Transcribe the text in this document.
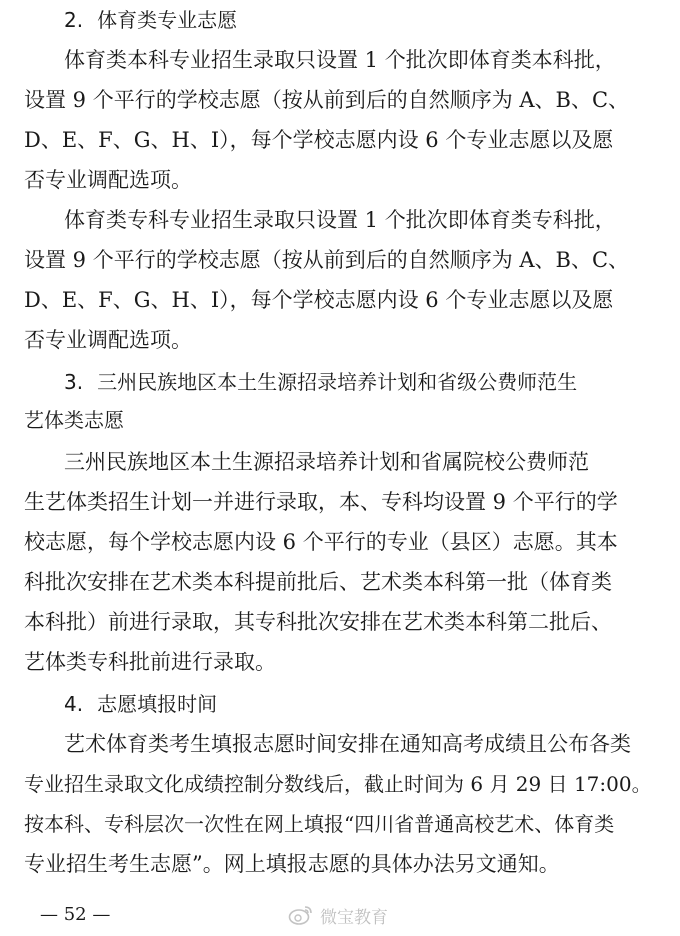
2. 体育类专业志愿
体育类本科专业招生录取只设置 1 个批次即体育类本科批，
设置 9 个平行的学校志愿（按从前到后的自然顺序为 A、B、C、
D、E、F、G、H、I），每个学校志愿内设 6 个专业志愿以及愿
否专业调配选项。
体育类专科专业招生录取只设置 1 个批次即体育类专科批，
设置 9 个平行的学校志愿（按从前到后的自然顺序为 A、B、C、
D、E、F、G、H、I），每个学校志愿内设 6 个专业志愿以及愿
否专业调配选项。
3. 三州民族地区本土生源招录培养计划和省级公费师范生
艺体类志愿
三州民族地区本土生源招录培养计划和省属院校公费师范
生艺体类招生计划一并进行录取，本、专科均设置 9 个平行的学
校志愿，每个学校志愿内设 6 个平行的专业（县区）志愿。其本
科批次安排在艺术类本科提前批后、艺术类本科第一批（体育类
本科批）前进行录取，其专科批次安排在艺术类本科第二批后、
艺体类专科批前进行录取。
4. 志愿填报时间
艺术体育类考生填报志愿时间安排在通知高考成绩且公布各类
专业招生录取文化成绩控制分数线后，截止时间为 6 月 29 日 17:00。
按本科、专科层次一次性在网上填报“四川省普通高校艺术、体育类
专业招生考生志愿”。网上填报志愿的具体办法另文通知。
— 52 —	微宝教育
